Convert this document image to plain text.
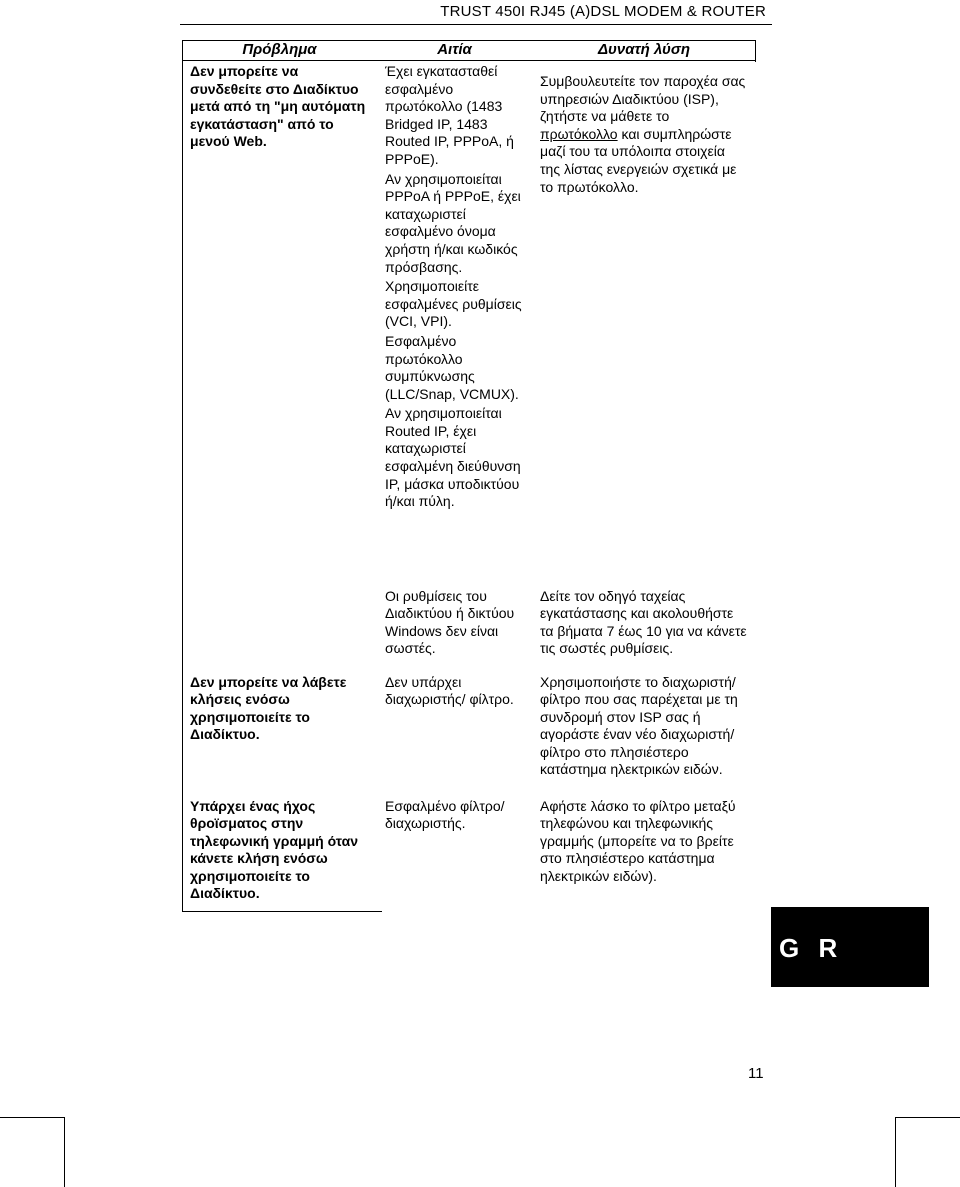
TRUST 450I RJ45 (A)DSL MODEM & ROUTER
Πρόβλημα	Αιτία	Δυνατή λύση
Δεν μπορείτε να συνδεθείτε στο Διαδίκτυο μετά από τη "μη αυτόματη εγκατάσταση" από το μενού Web.	Έχει εγκατασταθεί εσφαλμένο πρωτόκολλο (1483 Bridged IP, 1483 Routed IP, PPPoA, ή PPPoE).
Αν χρησιμοποιείται PPPoA ή PPPoE, έχει καταχωριστεί εσφαλμένο όνομα χρήστη ή/και κωδικός πρόσβασης.
Χρησιμοποιείτε εσφαλμένες ρυθμίσεις (VCI, VPI).
Εσφαλμένο πρωτόκολλο συμπύκνωσης (LLC/Snap, VCMUX).
Αν χρησιμοποιείται Routed IP, έχει καταχωριστεί εσφαλμένη διεύθυνση IP, μάσκα υποδικτύου ή/και πύλη.	Συμβουλευτείτε τον παροχέα σας υπηρεσιών Διαδικτύου (ISP), ζητήστε να μάθετε το πρωτόκολλο και συμπληρώστε μαζί του τα υπόλοιπα στοιχεία της λίστας ενεργειών σχετικά με το πρωτόκολλο.
	Οι ρυθμίσεις του Διαδικτύου ή δικτύου Windows δεν είναι σωστές.	Δείτε τον οδηγό ταχείας εγκατάστασης και ακολουθήστε τα βήματα 7 έως 10 για να κάνετε τις σωστές ρυθμίσεις.
Δεν μπορείτε να λάβετε κλήσεις ενόσω χρησιμοποιείτε το Διαδίκτυο.	Δεν υπάρχει διαχωριστής/ φίλτρο.	Χρησιμοποιήστε το διαχωριστή/φίλτρο που σας παρέχεται με τη συνδρομή στον ISP σας ή αγοράστε έναν νέο διαχωριστή/φίλτρο στο πλησιέστερο κατάστημα ηλεκτρικών ειδών.
Υπάρχει ένας ήχος θροϊσματος στην τηλεφωνική γραμμή όταν κάνετε κλήση ενόσω χρησιμοποιείτε το Διαδίκτυο.	Εσφαλμένο φίλτρο/ διαχωριστής.	Αφήστε λάσκο το φίλτρο μεταξύ τηλεφώνου και τηλεφωνικής γραμμής (μπορείτε να το βρείτε στο πλησιέστερο κατάστημα ηλεκτρικών ειδών).
G R
11
